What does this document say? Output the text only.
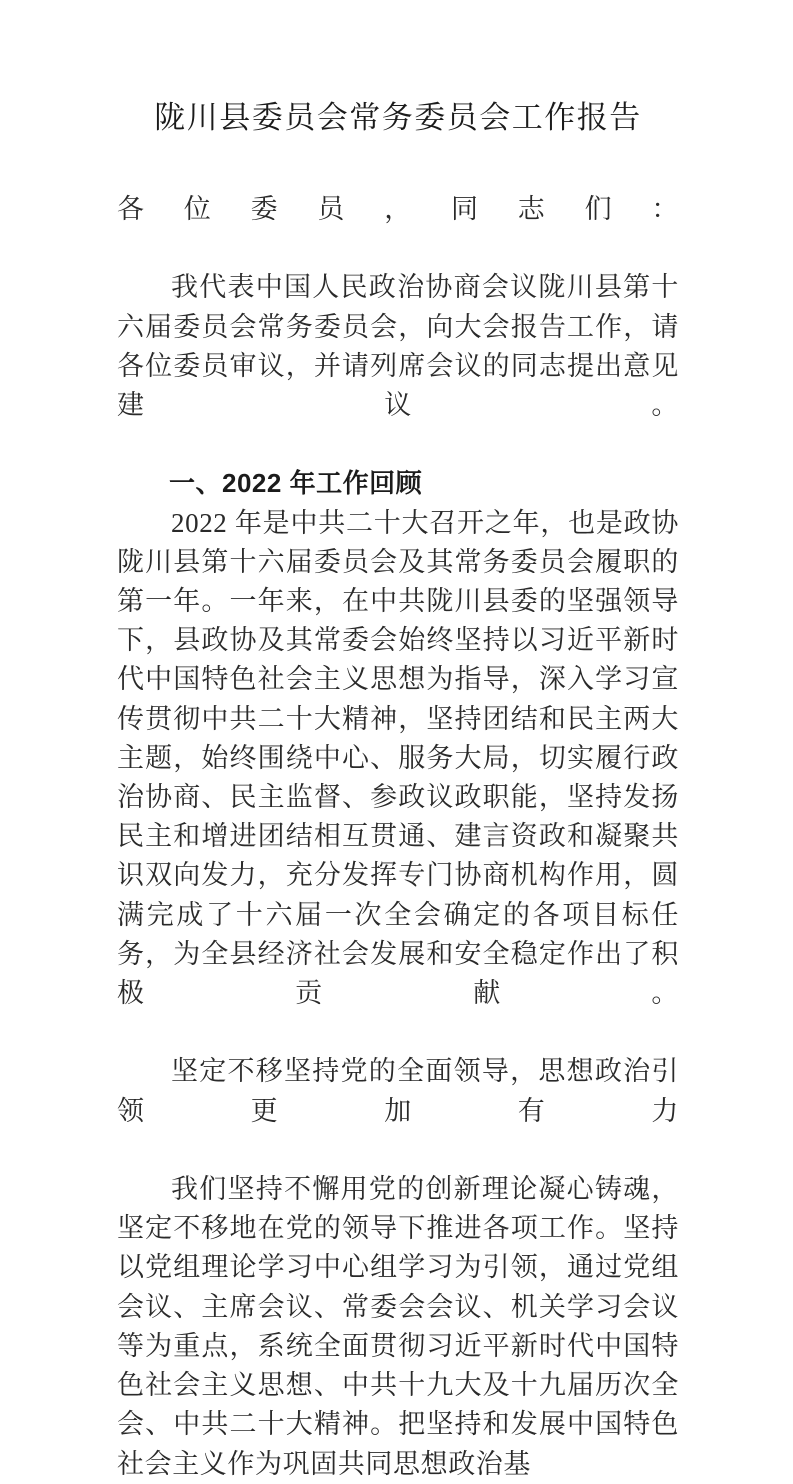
陇川县委员会常务委员会工作报告

各位委员，同志们：

我代表中国人民政治协商会议陇川县第十六届委员会常务委员会，向大会报告工作，请各位委员审议，并请列席会议的同志提出意见建议。

一、2022 年工作回顾

2022 年是中共二十大召开之年，也是政协陇川县第十六届委员会及其常务委员会履职的第一年。一年来，在中共陇川县委的坚强领导下，县政协及其常委会始终坚持以习近平新时代中国特色社会主义思想为指导，深入学习宣传贯彻中共二十大精神，坚持团结和民主两大主题，始终围绕中心、服务大局，切实履行政治协商、民主监督、参政议政职能，坚持发扬民主和增进团结相互贯通、建言资政和凝聚共识双向发力，充分发挥专门协商机构作用，圆满完成了十六届一次全会确定的各项目标任务，为全县经济社会发展和安全稳定作出了积极贡献。

坚定不移坚持党的全面领导，思想政治引领更加有力

我们坚持不懈用党的创新理论凝心铸魂，坚定不移地在党的领导下推进各项工作。坚持以党组理论学习中心组学习为引领，通过党组会议、主席会议、常委会会议、机关学习会议等为重点，系统全面贯彻习近平新时代中国特色社会主义思想、中共十九大及十九届历次全会、中共二十大精神。把坚持和发展中国特色社会主义作为巩固共同思想政治基
